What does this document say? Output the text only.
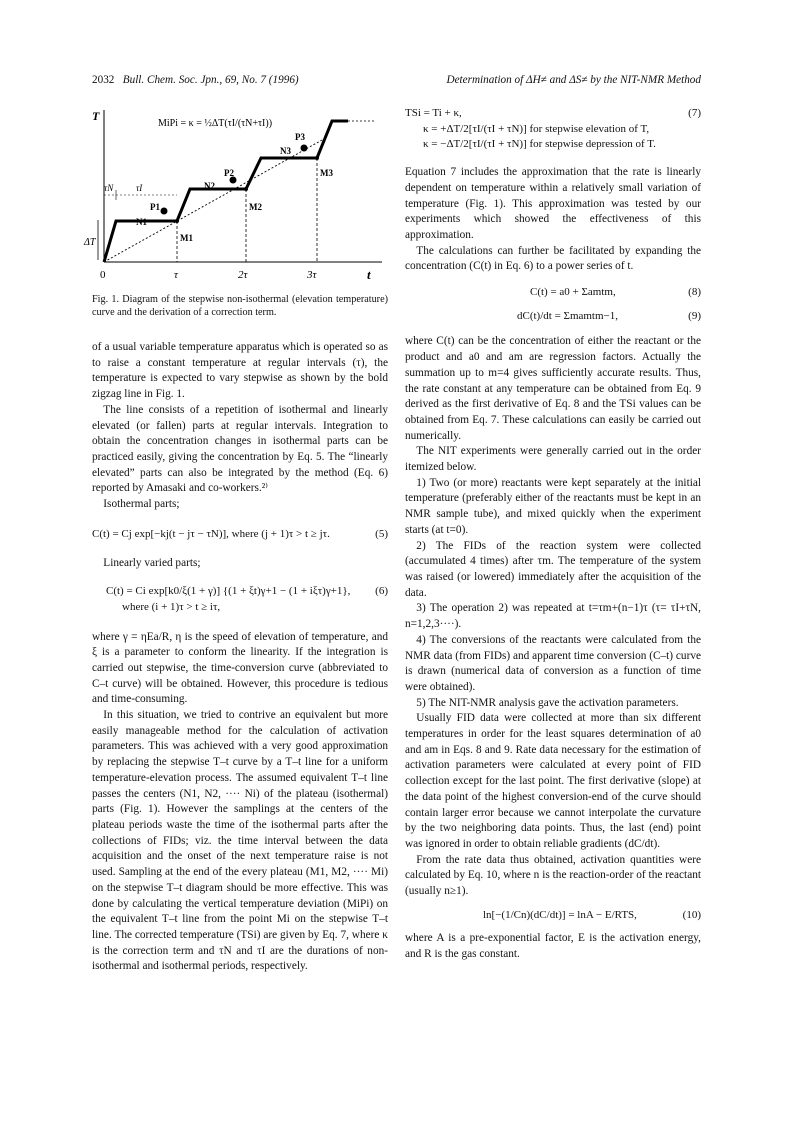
2032 Bull. Chem. Soc. Jpn., 69, No. 7 (1996)	Determination of ΔH≠ and ΔS≠ by the NIT-NMR Method
T
t
0	τ	2τ	3τ
ΔT
τN	τI
N1
P1
M1
N2
P2
M2
N3
P3
M3
MiPi = κ = ½ΔT(τI/(τN+τI))
Fig. 1. Diagram of the stepwise non-isothermal (elevation temperature) curve and the derivation of a correction term.

of a usual variable temperature apparatus which is operated so as to raise a constant temperature at regular intervals (τ), the temperature is expected to vary stepwise as shown by the bold zigzag line in Fig. 1.

The line consists of a repetition of isothermal and linearly elevated (or fallen) parts at regular intervals. Integration to obtain the concentration changes in isothermal parts can be practiced easily, giving the concentration by Eq. 5. The “linearly elevated” parts can also be integrated by the method (Eq. 6) reported by Amasaki and co-workers.²⁾

Isothermal parts;

C(t) = Cj exp[−kj(t − jτ − τN)], where (j + 1)τ > t ≥ jτ.	(5)

Linearly varied parts;

C(t) = Ci exp[k0/ξ(1 + γ)] {(1 + ξt)γ+1 − (1 + iξτ)γ+1},	(6)
where (i + 1)τ > t ≥ iτ,

where γ = ηEa/R, η is the speed of elevation of temperature, and ξ is a parameter to conform the linearity. If the integration is carried out stepwise, the time-conversion curve (abbreviated to C–t curve) will be obtained. However, this procedure is tedious and time-consuming.

In this situation, we tried to contrive an equivalent but more easily manageable method for the calculation of activation parameters. This was achieved with a very good approximation by replacing the stepwise T–t curve by a T–t line for a uniform temperature-elevation process. The assumed equivalent T–t line passes the centers (N1, N2, ···· Ni) of the plateau (isothermal) parts (Fig. 1). However the samplings at the centers of the plateau periods waste the time of the isothermal parts after the collections of FIDs; viz. the time interval between the data acquisition and the onset of the next temperature raise is not used. Sampling at the end of the every plateau (M1, M2, ···· Mi) on the stepwise T–t diagram should be more effective. This was done by calculating the vertical temperature deviation (MiPi) on the equivalent T–t line from the point Mi on the stepwise T–t line. The corrected temperature (TSi) are given by Eq. 7, where κ is the correction term and τN and τI are the durations of non-isothermal and isothermal periods, respectively.

TSi = Ti + κ,	(7)
κ = +ΔT/2[τI/(τI + τN)] for stepwise elevation of T,
κ = −ΔT/2[τI/(τI + τN)] for stepwise depression of T.

Equation 7 includes the approximation that the rate is linearly dependent on temperature within a relatively small variation of temperature (Fig. 1). This approximation was tested by our experiments which showed the effectiveness of this approximation.

The calculations can further be facilitated by expanding the concentration (C(t) in Eq. 6) to a power series of t.

C(t) = a0 + Σamtm,	(8)
dC(t)/dt = Σmamtm−1,	(9)

where C(t) can be the concentration of either the reactant or the product and a0 and am are regression factors. Actually the summation up to m=4 gives sufficiently accurate results. Thus, the rate constant at any temperature can be obtained from Eq. 9 derived as the first derivative of Eq. 8 and the TSi values can be obtained from Eq. 7. These calculations can easily be carried out numerically.

The NIT experiments were generally carried out in the order itemized below.

1) Two (or more) reactants were kept separately at the initial temperature (preferably either of the reactants must be kept in an NMR sample tube), and mixed quickly when the experiment starts (at t=0).

2) The FIDs of the reaction system were collected (accumulated 4 times) after τm. The temperature of the system was raised (or lowered) immediately after the acquisition of the data.

3) The operation 2) was repeated at t=τm+(n−1)τ (τ= τI+τN, n=1,2,3····).

4) The conversions of the reactants were calculated from the NMR data (from FIDs) and apparent time conversion (C–t) curve is drawn (numerical data of conversion as a function of time were obtained).

5) The NIT-NMR analysis gave the activation parameters.

Usually FID data were collected at more than six different temperatures in order for the least squares determination of a0 and am in Eqs. 8 and 9. Rate data necessary for the estimation of activation parameters were calculated at every point of FID collection except for the last point. The first derivative (slope) at the data point of the highest conversion-end of the curve should contain larger error because we cannot interpolate the curvature by the two neighboring data points. Thus, the last (end) point was ignored in order to obtain reliable gradients (dC/dt).

From the rate data thus obtained, activation quantities were calculated by Eq. 10, where n is the reaction-order of the reactant (usually n≥1).

ln[−(1/Cn)(dC/dt)] = lnA − E/RTS,	(10)

where A is a pre-exponential factor, E is the activation energy, and R is the gas constant.
